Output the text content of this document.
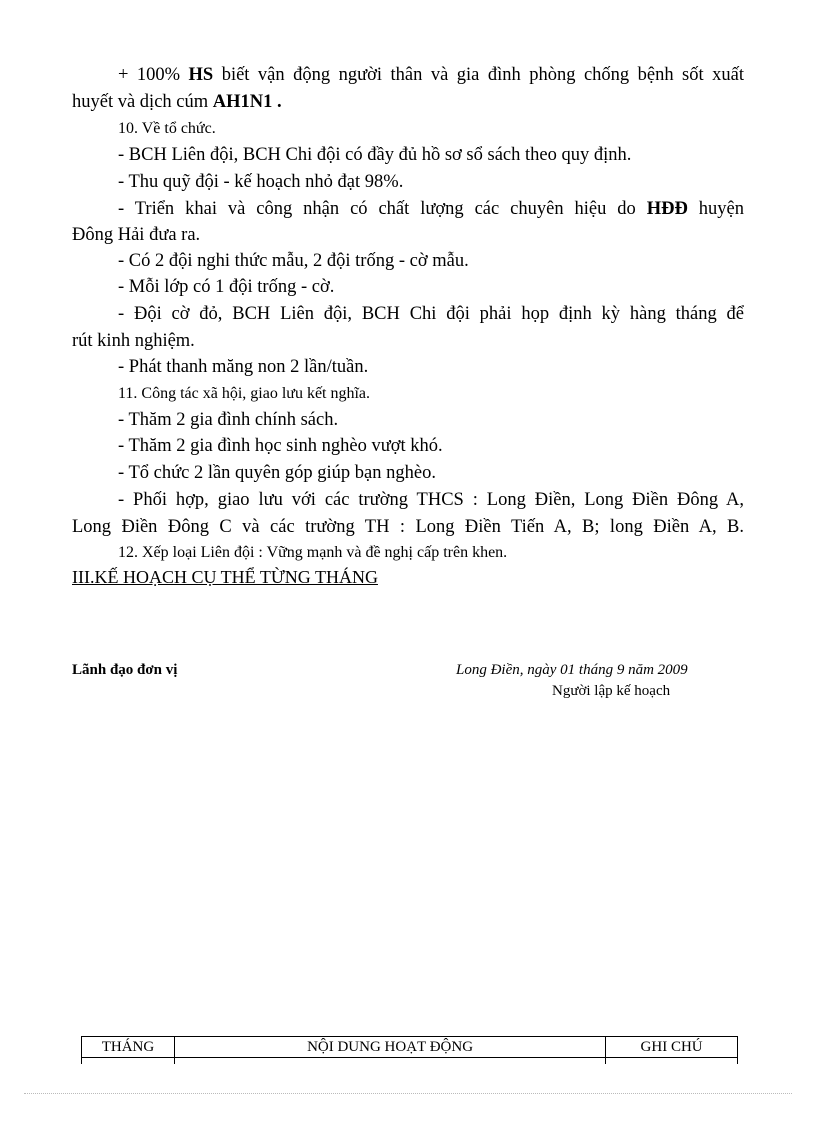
+ 100% HS biết vận động người thân và gia đình phòng chống bệnh sốt xuất
huyết và dịch cúm AH1N1 .
10. Về tổ chức.
- BCH Liên đội, BCH Chi đội có đầy đủ hồ sơ sổ sách theo quy định.
- Thu quỹ đội - kế hoạch nhỏ đạt 98%.
- Triển khai và công nhận có chất lượng các chuyên hiệu do HĐĐ huyện
Đông Hải đưa ra.
- Có 2 đội nghi thức mẫu, 2 đội trống - cờ mẫu.
- Mỗi lớp có 1 đội trống - cờ.
- Đội cờ đỏ, BCH Liên đội, BCH Chi đội phải họp định kỳ hàng tháng để
rút kinh nghiệm.
- Phát thanh măng non 2 lần/tuần.
11. Công tác xã hội, giao lưu kết nghĩa.
- Thăm 2 gia đình chính sách.
- Thăm 2 gia đình học sinh nghèo vượt khó.
- Tổ chức 2 lần quyên góp giúp bạn nghèo.
- Phối hợp, giao lưu với các trường THCS : Long Điền, Long Điền Đông A,
Long Điền Đông C và các trường TH : Long Điền Tiến A, B; long Điền A, B.
12. Xếp loại Liên đội : Vững mạnh và đề nghị cấp trên khen.
III.KẾ HOẠCH CỤ THỂ TỪNG THÁNG
Lãnh đạo đơn vị	Long Điền, ngày 01 tháng 9 năm 2009
Người lập kế hoạch
THÁNG	NỘI DUNG HOẠT ĐỘNG	GHI CHÚ
